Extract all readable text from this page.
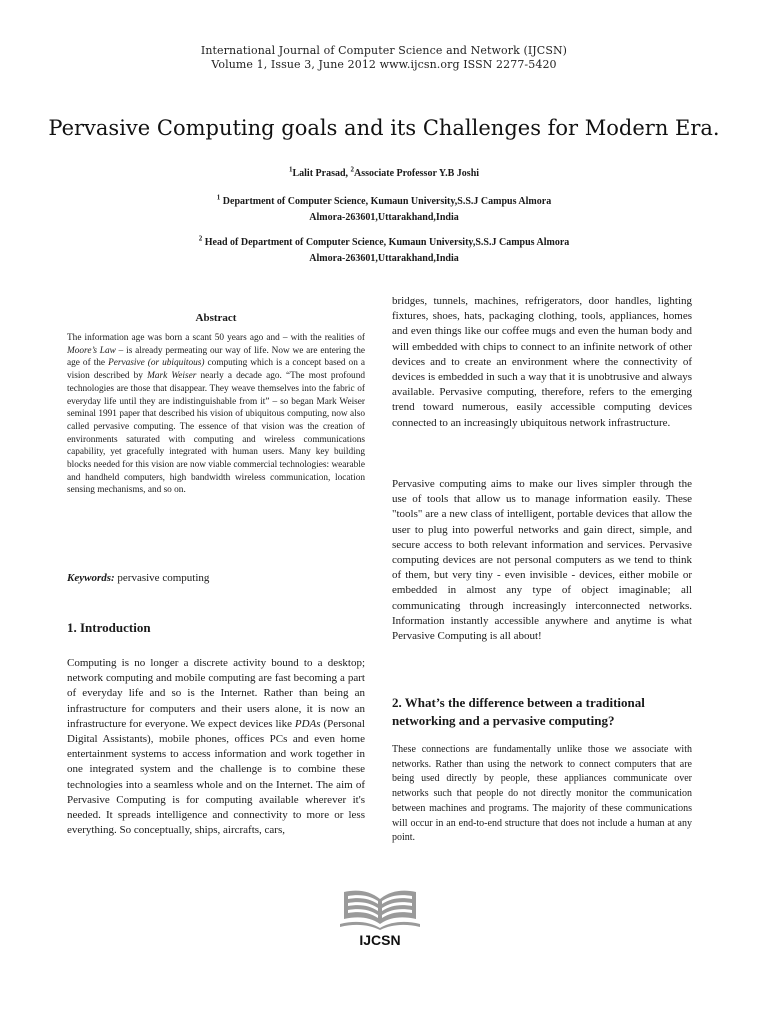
International Journal of Computer Science and Network (IJCSN)
Volume 1, Issue 3, June 2012 www.ijcsn.org ISSN 2277-5420
Pervasive Computing goals and its Challenges for Modern Era.
$^1$Lalit Prasad, $^2$Associate Professor Y.B Joshi
$^1$ Department of Computer Science, Kumaun University,S.S.J Campus Almora
Almora-263601,Uttarakhand,India
$^2$ Head of Department of Computer Science, Kumaun University,S.S.J Campus Almora
Almora-263601,Uttarakhand,India
Abstract

The information age was born a scant 50 years ago and – with the realities of Moore’s Law – is already permeating our way of life. Now we are entering the age of the Pervasive (or ubiquitous) computing which is a concept based on a vision described by Mark Weiser nearly a decade ago. “The most profound technologies are those that disappear. They weave themselves into the fabric of everyday life until they are indistinguishable from it” – so began Mark Weiser seminal 1991 paper that described his vision of ubiquitous computing, now also called pervasive computing. The essence of that vision was the creation of environments saturated with computing and wireless communications capability, yet gracefully integrated with human users. Many key building blocks needed for this vision are now viable commercial technologies: wearable and handheld computers, high bandwidth wireless communication, location sensing mechanisms, and so on.

Keywords: pervasive computing

1. Introduction

Computing is no longer a discrete activity bound to a desktop; network computing and mobile computing are fast becoming a part of everyday life and so is the Internet. Rather than being an infrastructure for computers and their users alone, it is now an infrastructure for everyone. We expect devices like PDAs (Personal Digital Assistants), mobile phones, offices PCs and even home entertainment systems to access information and work together in one integrated system and the challenge is to combine these technologies into a seamless whole and on the Internet. The aim of Pervasive Computing is for computing available wherever it's needed. It spreads intelligence and connectivity to more or less everything. So conceptually, ships, aircrafts, cars,

bridges, tunnels, machines, refrigerators, door handles, lighting fixtures, shoes, hats, packaging clothing, tools, appliances, homes and even things like our coffee mugs and even the human body and will embedded with chips to connect to an infinite network of other devices and to create an environment where the connectivity of devices is embedded in such a way that it is unobtrusive and always available. Pervasive computing, therefore, refers to the emerging trend toward numerous, easily accessible computing devices connected to an increasingly ubiquitous network infrastructure.

Pervasive computing aims to make our lives simpler through the use of tools that allow us to manage information easily. These "tools" are a new class of intelligent, portable devices that allow the user to plug into powerful networks and gain direct, simple, and secure access to both relevant information and services. Pervasive computing devices are not personal computers as we tend to think of them, but very tiny - even invisible - devices, either mobile or embedded in almost any type of object imaginable; all communicating through increasingly interconnected networks. Information instantly accessible anywhere and anytime is what Pervasive Computing is all about!

2. What’s the difference between a traditional networking and a pervasive computing?

These connections are fundamentally unlike those we associate with networks. Rather than using the network to connect computers that are being used directly by people, these appliances communicate over networks such that people do not directly monitor the communication between machines and programs. The majority of these communications will occur in an end-to-end structure that does not include a human at any point.

IJCSN
